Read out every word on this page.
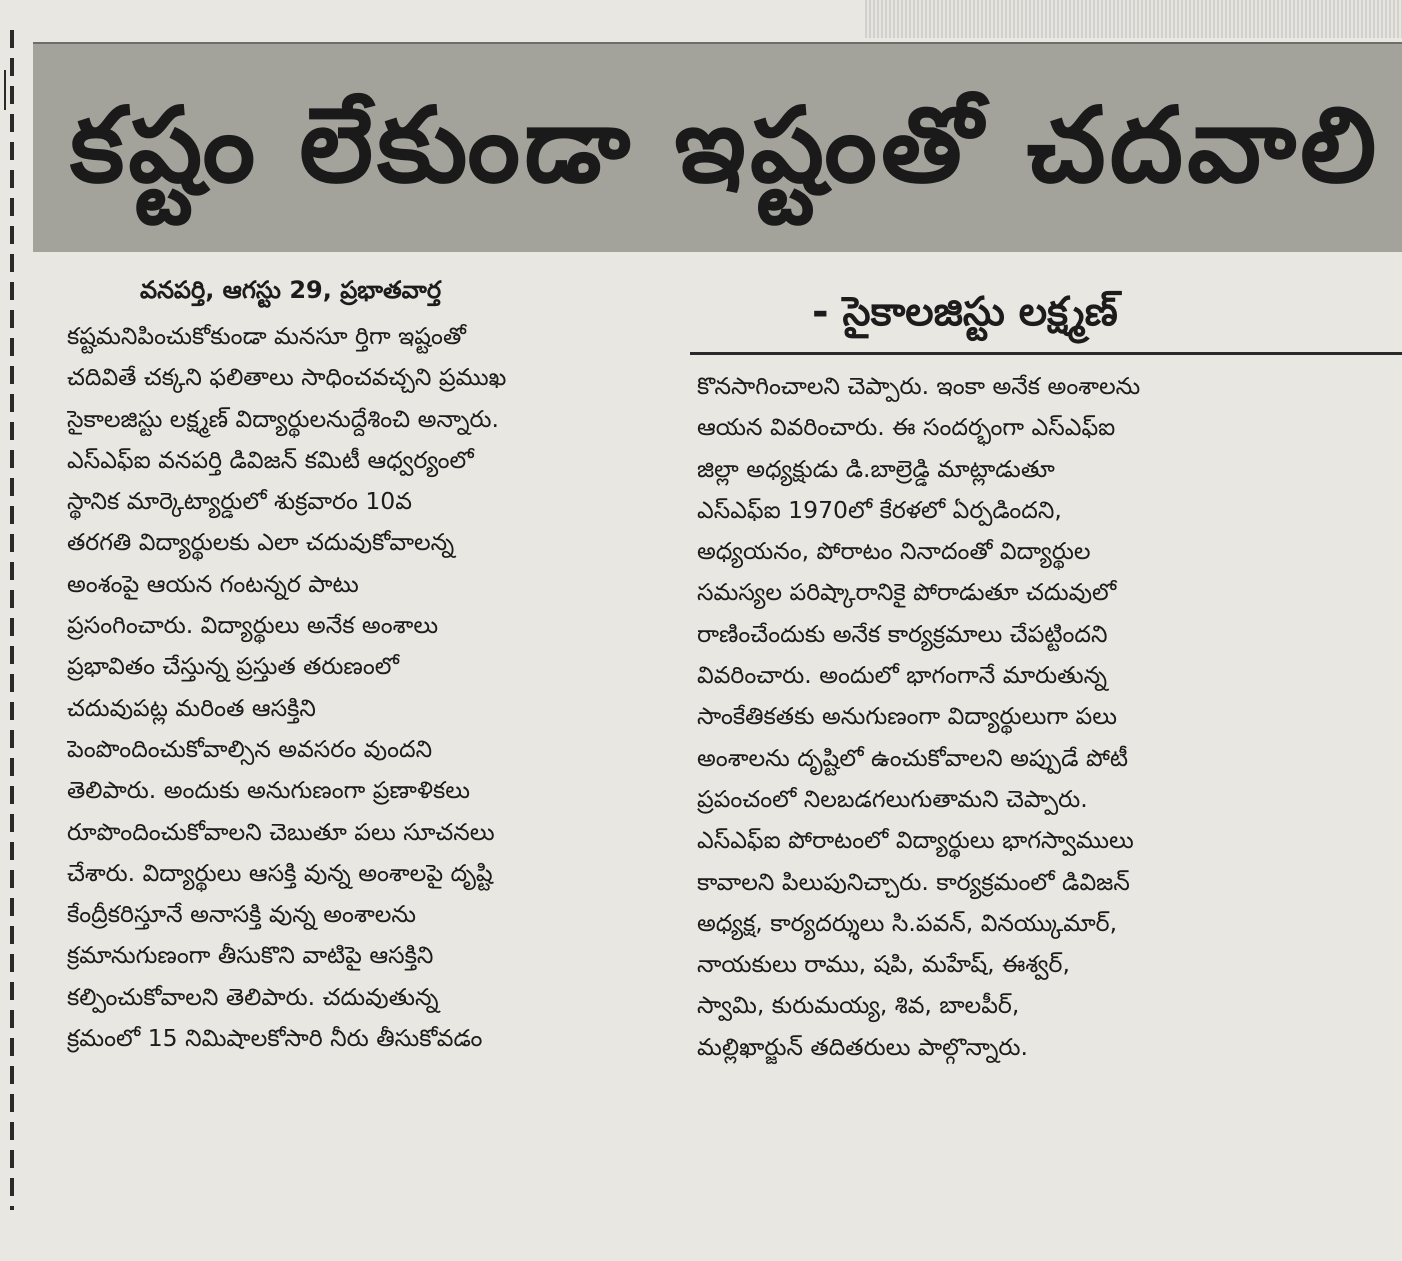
కష్టం లేకుండా ఇష్టంతో చదవాలి
వనపర్తి, ఆగస్టు 29, ప్రభాతవార్త	- సైకాలజిస్టు లక్ష్మణ్
కష్టమనిపించుకోకుండా మనసూ ర్తిగా ఇష్టంతో
చదివితే చక్కని ఫలితాలు సాధించవచ్చని ప్రముఖ
సైకాలజిస్టు లక్ష్మణ్ విద్యార్థులనుద్దేశించి అన్నారు.
ఎస్ఎఫ్ఐ వనపర్తి డివిజన్ కమిటీ ఆధ్వర్యంలో
స్థానిక మార్కెట్యార్డులో శుక్రవారం 10వ
తరగతి విద్యార్థులకు ఎలా చదువుకోవాలన్న
అంశంపై ఆయన గంటన్నర పాటు
ప్రసంగించారు. విద్యార్థులు అనేక అంశాలు
ప్రభావితం చేస్తున్న ప్రస్తుత తరుణంలో
చదువుపట్ల మరింత ఆసక్తిని
పెంపొందించుకోవాల్సిన అవసరం వుందని
తెలిపారు. అందుకు అనుగుణంగా ప్రణాళికలు
రూపొందించుకోవాలని చెబుతూ పలు సూచనలు
చేశారు. విద్యార్థులు ఆసక్తి వున్న అంశాలపై దృష్టి
కేంద్రీకరిస్తూనే అనాసక్తి వున్న అంశాలను
క్రమానుగుణంగా తీసుకొని వాటిపై ఆసక్తిని
కల్పించుకోవాలని తెలిపారు. చదువుతున్న
క్రమంలో 15 నిమిషాలకోసారి నీరు తీసుకోవడం
కొనసాగించాలని చెప్పారు. ఇంకా అనేక అంశాలను
ఆయన వివరించారు. ఈ సందర్భంగా ఎస్ఎఫ్ఐ
జిల్లా అధ్యక్షుడు డి.బాల్రెడ్డి మాట్లాడుతూ
ఎస్ఎఫ్ఐ 1970లో కేరళలో ఏర్పడిందని,
అధ్యయనం, పోరాటం నినాదంతో విద్యార్థుల
సమస్యల పరిష్కారానికై పోరాడుతూ చదువులో
రాణించేందుకు అనేక కార్యక్రమాలు చేపట్టిందని
వివరించారు. అందులో భాగంగానే మారుతున్న
సాంకేతికతకు అనుగుణంగా విద్యార్థులుగా పలు
అంశాలను దృష్టిలో ఉంచుకోవాలని అప్పుడే పోటీ
ప్రపంచంలో నిలబడగలుగుతామని చెప్పారు.
ఎస్ఎఫ్ఐ పోరాటంలో విద్యార్థులు భాగస్వాములు
కావాలని పిలుపునిచ్చారు. కార్యక్రమంలో డివిజన్
అధ్యక్ష, కార్యదర్శులు సి.పవన్, వినయ్కుమార్,
నాయకులు రాము, షపి, మహేష్, ఈశ్వర్,
స్వామి, కురుమయ్య, శివ, బాలపీర్,
మల్లిఖార్జున్ తదితరులు పాల్గొన్నారు.
